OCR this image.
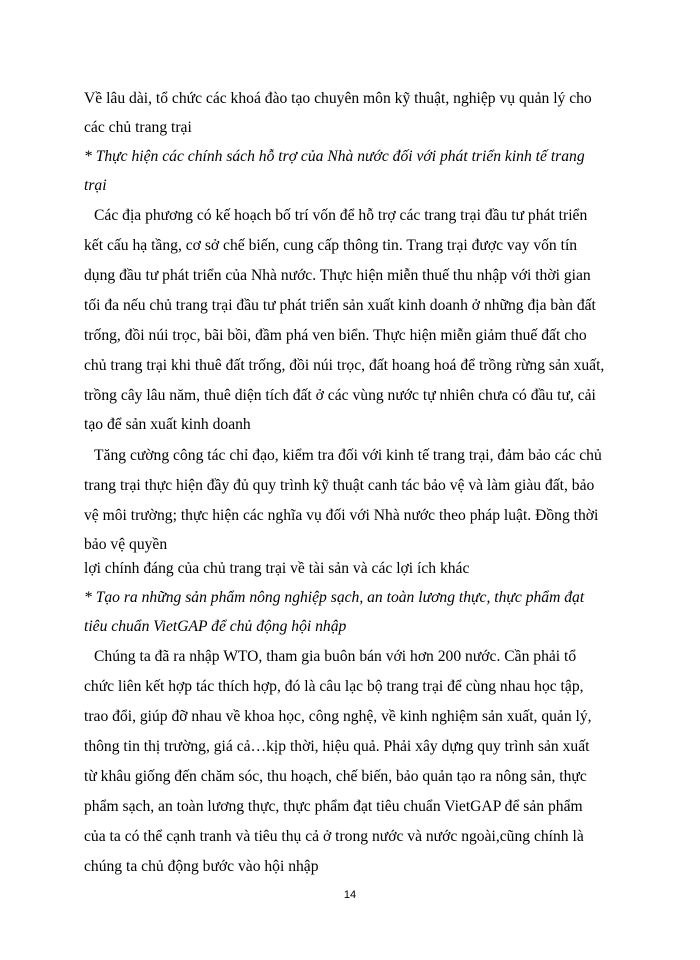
Về lâu dài, tổ chức các khoá đào tạo chuyên môn kỹ thuật, nghiệp vụ quản lý cho
các chủ trang trại
* Thực hiện các chính sách hỗ trợ của Nhà nước đối với phát triển kinh tế trang
trại
Các địa phương có kế hoạch bố trí vốn để hỗ trợ các trang trại đầu tư phát triển
kết cấu hạ tầng, cơ sở chế biến, cung cấp thông tin. Trang trại được vay vốn tín
dụng đầu tư phát triển của Nhà nước. Thực hiện miễn thuế thu nhập với thời gian
tối đa nếu chủ trang trại đầu tư phát triển sản xuất kinh doanh ở những địa bàn đất
trống, đồi núi trọc, bãi bồi, đầm phá ven biển. Thực hiện miễn giảm thuế đất cho
chủ trang trại khi thuê đất trống, đồi núi trọc, đất hoang hoá để trồng rừng sản xuất,
trồng cây lâu năm, thuê diện tích đất ở các vùng nước tự nhiên chưa có đầu tư, cải
tạo để sản xuất kinh doanh
Tăng cường công tác chỉ đạo, kiểm tra đối với kinh tế trang trại, đảm bảo các chủ
trang trại thực hiện đầy đủ quy trình kỹ thuật canh tác bảo vệ và làm giàu đất, bảo
vệ môi trường; thực hiện các nghĩa vụ đối với Nhà nước theo pháp luật. Đồng thời
bảo vệ quyền
lợi chính đáng của chủ trang trại về tài sản và các lợi ích khác
* Tạo ra những sản phẩm nông nghiệp sạch, an toàn lương thực, thực phẩm đạt
tiêu chuẩn VietGAP để chủ động hội nhập
Chúng ta đã ra nhập WTO, tham gia buôn bán với hơn 200 nước. Cần phải tổ
chức liên kết hợp tác thích hợp, đó là câu lạc bộ trang trại để cùng nhau học tập,
trao đổi, giúp đỡ nhau về khoa học, công nghệ, về kinh nghiệm sản xuất, quản lý,
thông tin thị trường, giá cả…kịp thời, hiệu quả. Phải xây dựng quy trình sản xuất
từ khâu giống đến chăm sóc, thu hoạch, chế biến, bảo quản tạo ra nông sản, thực
phẩm sạch, an toàn lương thực, thực phẩm đạt tiêu chuẩn VietGAP để sản phẩm
của ta có thể cạnh tranh và tiêu thụ cả ở trong nước và nước ngoài,cũng chính là
chúng ta chủ động bước vào hội nhập
14
